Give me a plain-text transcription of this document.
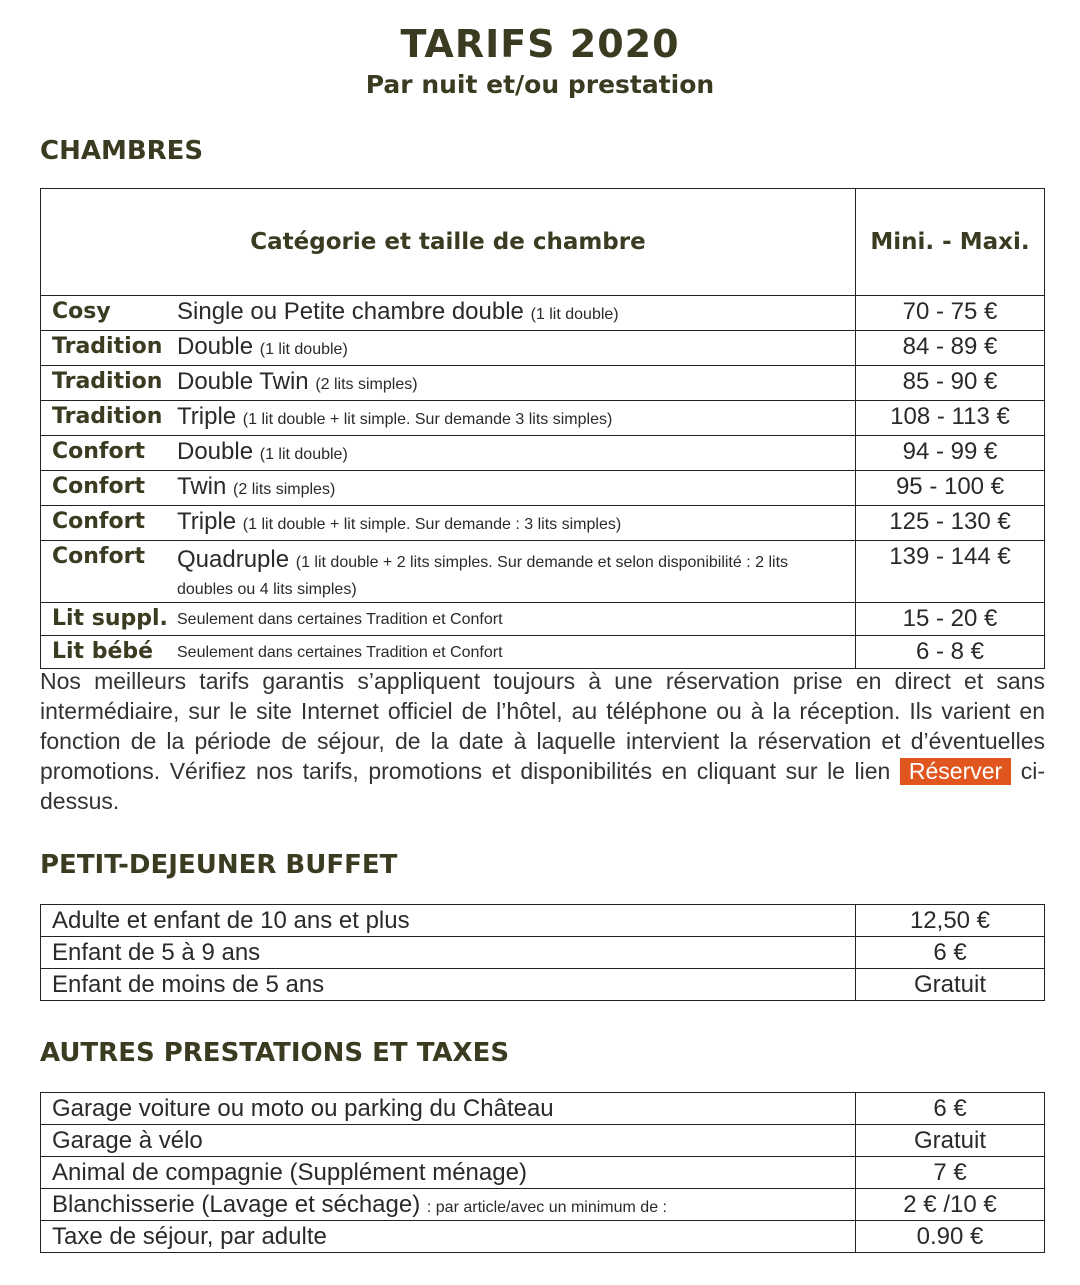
TARIFS 2020
Par nuit et/ou prestation
CHAMBRES
Catégorie et taille de chambre	Mini. - Maxi.
Cosy Single ou Petite chambre double (1 lit double)	70 - 75 €
Tradition Double (1 lit double)	84 - 89 €
Tradition Double Twin (2 lits simples)	85 - 90 €
Tradition Triple (1 lit double + lit simple. Sur demande 3 lits simples)	108 - 113 €
Confort Double (1 lit double)	94 - 99 €
Confort Twin (2 lits simples)	95 - 100 €
Confort Triple (1 lit double + lit simple. Sur demande : 3 lits simples)	125 - 130 €
Confort Quadruple (1 lit double + 2 lits simples. Sur demande et selon disponibilité : 2 lits doubles ou 4 lits simples)	139 - 144 €
Lit suppl. Seulement dans certaines Tradition et Confort	15 - 20 €
Lit bébé Seulement dans certaines Tradition et Confort	6 - 8 €
Nos meilleurs tarifs garantis s’appliquent toujours à une réservation prise en direct et sans intermédiaire, sur le site Internet officiel de l’hôtel, au téléphone ou à la réception. Ils varient en fonction de la période de séjour, de la date à laquelle intervient la réservation et d’éventuelles promotions. Vérifiez nos tarifs, promotions et disponibilités en cliquant sur le lien Réserver ci-dessus.
PETIT-DEJEUNER BUFFET
Adulte et enfant de 10 ans et plus	12,50 €
Enfant de 5 à 9 ans	6 €
Enfant de moins de 5 ans	Gratuit
AUTRES PRESTATIONS ET TAXES
Garage voiture ou moto ou parking du Château	6 €
Garage à vélo	Gratuit
Animal de compagnie (Supplément ménage)	7 €
Blanchisserie (Lavage et séchage) : par article/avec un minimum de :	2 € /10 €
Taxe de séjour, par adulte	0.90 €
